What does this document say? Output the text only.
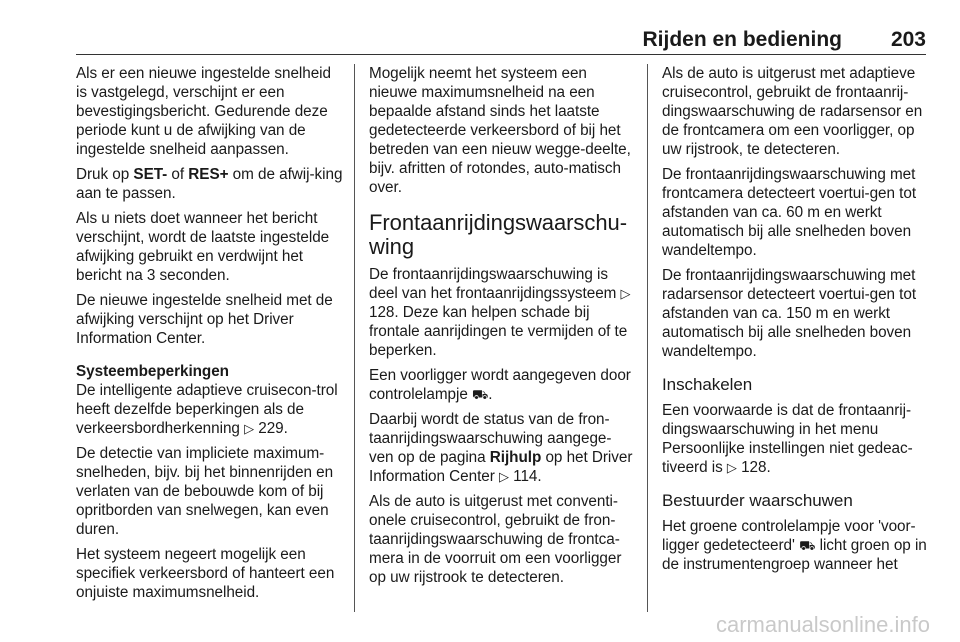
Rijden en bediening 203

Als er een nieuwe ingestelde snelheid is vastgelegd, verschijnt er een bevestigingsbericht. Gedurende deze periode kunt u de afwijking van de ingestelde snelheid aanpassen.

Druk op SET- of RES+ om de afwij-king aan te passen.

Als u niets doet wanneer het bericht verschijnt, wordt de laatste ingestelde afwijking gebruikt en verdwijnt het bericht na 3 seconden.

De nieuwe ingestelde snelheid met de afwijking verschijnt op het Driver Information Center.

Systeembeperkingen

De intelligente adaptieve cruisecon-trol heeft dezelfde beperkingen als de verkeersbordherkenning ▷ 229.

De detectie van impliciete maximum-snelheden, bijv. bij het binnenrijden en verlaten van de bebouwde kom of bij opritborden van snelwegen, kan even duren.

Het systeem negeert mogelijk een specifiek verkeersbord of hanteert een onjuiste maximumsnelheid.

Mogelijk neemt het systeem een nieuwe maximumsnelheid na een bepaalde afstand sinds het laatste gedetecteerde verkeersbord of bij het betreden van een nieuw wegge-deelte, bijv. afritten of rotondes, auto-matisch over.

Frontaanrijdingswaarschu-wing

De frontaanrijdingswaarschuwing is deel van het frontaanrijdingssysteem ▷ 128. Deze kan helpen schade bij frontale aanrijdingen te vermijden of te beperken.

Een voorligger wordt aangegeven door controlelampje ⛟.

Daarbij wordt de status van de fron-taanrijdingswaarschuwing aangege-ven op de pagina Rijhulp op het Driver Information Center ▷ 114.

Als de auto is uitgerust met conventi-onele cruisecontrol, gebruikt de fron-taanrijdingswaarschuwing de frontca-mera in de voorruit om een voorligger op uw rijstrook te detecteren.

Als de auto is uitgerust met adaptieve cruisecontrol, gebruikt de frontaanrij-dingswaarschuwing de radarsensor en de frontcamera om een voorligger, op uw rijstrook, te detecteren.

De frontaanrijdingswaarschuwing met frontcamera detecteert voertui-gen tot afstanden van ca. 60 m en werkt automatisch bij alle snelheden boven wandeltempo.

De frontaanrijdingswaarschuwing met radarsensor detecteert voertui-gen tot afstanden van ca. 150 m en werkt automatisch bij alle snelheden boven wandeltempo.

Inschakelen

Een voorwaarde is dat de frontaanrij-dingswaarschuwing in het menu Persoonlijke instellingen niet gedeac-tiveerd is ▷ 128.

Bestuurder waarschuwen

Het groene controlelampje voor 'voor-ligger gedetecteerd' ⛟ licht groen op in de instrumentengroep wanneer het

carmanualsonline.info
